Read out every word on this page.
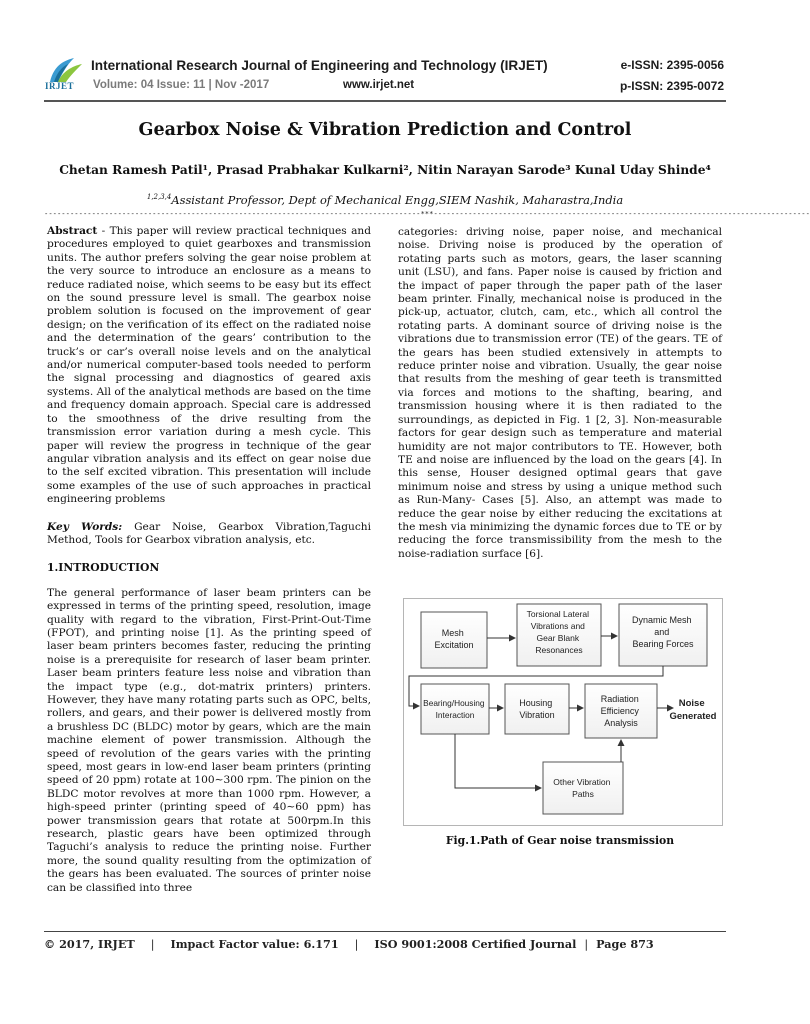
IRJET
International Research Journal of Engineering and Technology (IRJET)	e-ISSN: 2395-0056
Volume: 04 Issue: 11 | Nov -2017	www.irjet.net	p-ISSN: 2395-0072
Gearbox Noise & Vibration Prediction and Control
Chetan Ramesh Patil¹, Prasad Prabhakar Kulkarni², Nitin Narayan Sarode³ Kunal Uday Shinde⁴
$^{1,2,3,4}$Assistant Professor, Dept of Mechanical Engg,SIEM Nashik, Maharastra,India
---------------------------------------------------------------------------------------***---------------------------------------------------------------------------------------

Abstract - This paper will review practical techniques and procedures employed to quiet gearboxes and transmission units. The author prefers solving the gear noise problem at the very source to introduce an enclosure as a means to reduce radiated noise, which seems to be easy but its effect on the sound pressure level is small. The gearbox noise problem solution is focused on the improvement of gear design; on the verification of its effect on the radiated noise and the determination of the gears’ contribution to the truck’s or car’s overall noise levels and on the analytical and/or numerical computer-based tools needed to perform the signal processing and diagnostics of geared axis systems. All of the analytical methods are based on the time and frequency domain approach. Special care is addressed to the smoothness of the drive resulting from the transmission error variation during a mesh cycle. This paper will review the progress in technique of the gear angular vibration analysis and its effect on gear noise due to the self excited vibration. This presentation will include some examples of the use of such approaches in practical engineering problems

Key Words: Gear Noise, Gearbox Vibration,Taguchi Method, Tools for Gearbox vibration analysis, etc.

1.INTRODUCTION

The general performance of laser beam printers can be expressed in terms of the printing speed, resolution, image quality with regard to the vibration, First-Print-Out-Time (FPOT), and printing noise [1]. As the printing speed of laser beam printers becomes faster, reducing the printing noise is a prerequisite for research of laser beam printer. Laser beam printers feature less noise and vibration than the impact type (e.g., dot-matrix printers) printers. However, they have many rotating parts such as OPC, belts, rollers, and gears, and their power is delivered mostly from a brushless DC (BLDC) motor by gears, which are the main machine element of power transmission. Although the speed of revolution of the gears varies with the printing speed, most gears in low-end laser beam printers (printing speed of 20 ppm) rotate at 100∼300 rpm. The pinion on the BLDC motor revolves at more than 1000 rpm. However, a high-speed printer (printing speed of 40∼60 ppm) has power transmission gears that rotate at 500rpm.In this research, plastic gears have been optimized through Taguchi’s analysis to reduce the printing noise. Further more, the sound quality resulting from the optimization of the gears has been evaluated. The sources of printer noise can be classified into three

categories: driving noise, paper noise, and mechanical noise. Driving noise is produced by the operation of rotating parts such as motors, gears, the laser scanning unit (LSU), and fans. Paper noise is caused by friction and the impact of paper through the paper path of the laser beam printer. Finally, mechanical noise is produced in the pick-up, actuator, clutch, cam, etc., which all control the rotating parts. A dominant source of driving noise is the vibrations due to transmission error (TE) of the gears. TE of the gears has been studied extensively in attempts to reduce printer noise and vibration. Usually, the gear noise that results from the meshing of gear teeth is transmitted via forces and motions to the shafting, bearing, and transmission housing where it is then radiated to the surroundings, as depicted in Fig. 1 [2, 3]. Non-measurable factors for gear design such as temperature and material humidity are not major contributors to TE. However, both TE and noise are influenced by the load on the gears [4]. In this sense, Houser designed optimal gears that gave minimum noise and stress by using a unique method such as Run-Many- Cases [5]. Also, an attempt was made to reduce the gear noise by either reducing the excitations at the mesh via minimizing the dynamic forces due to TE or by reducing the force transmissibility from the mesh to the noise-radiation surface [6].

Mesh Excitation
Torsional Lateral Vibrations and Gear Blank Resonances
Dynamic Mesh and Bearing Forces
Bearing/Housing Interaction
Housing Vibration
Radiation Efficiency Analysis
Noise Generated
Other Vibration Paths
Fig.1.Path of Gear noise transmission
© 2017, IRJET | Impact Factor value: 6.171 | ISO 9001:2008 Certified Journal | Page 873
